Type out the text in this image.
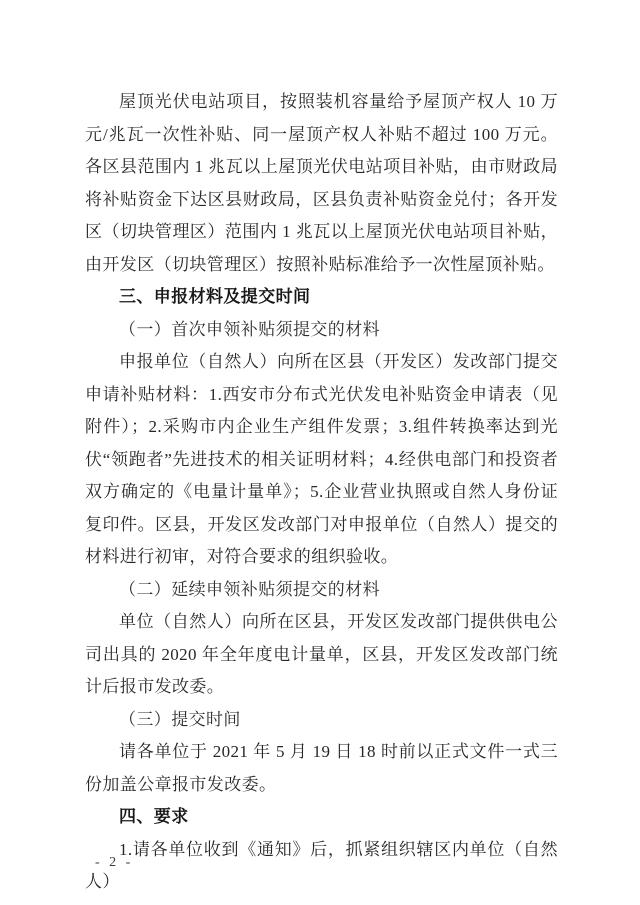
屋顶光伏电站项目，按照装机容量给予屋顶产权人 10 万元/兆瓦一次性补贴、同一屋顶产权人补贴不超过 100 万元。各区县范围内 1 兆瓦以上屋顶光伏电站项目补贴，由市财政局将补贴资金下达区县财政局，区县负责补贴资金兑付；各开发区（切块管理区）范围内 1 兆瓦以上屋顶光伏电站项目补贴，由开发区（切块管理区）按照补贴标准给予一次性屋顶补贴。

三、申报材料及提交时间

（一）首次申领补贴须提交的材料

申报单位（自然人）向所在区县（开发区）发改部门提交申请补贴材料：1.西安市分布式光伏发电补贴资金申请表（见附件）；2.采购市内企业生产组件发票；3.组件转换率达到光伏“领跑者”先进技术的相关证明材料；4.经供电部门和投资者双方确定的《电量计量单》；5.企业营业执照或自然人身份证复印件。区县，开发区发改部门对申报单位（自然人）提交的材料进行初审，对符合要求的组织验收。

（二）延续申领补贴须提交的材料

单位（自然人）向所在区县，开发区发改部门提供供电公司出具的 2020 年全年度电计量单，区县，开发区发改部门统计后报市发改委。

（三）提交时间

请各单位于 2021 年 5 月 19 日 18 时前以正式文件一式三份加盖公章报市发改委。

四、要求

1.请各单位收到《通知》后，抓紧组织辖区内单位（自然人）

- 2 -
